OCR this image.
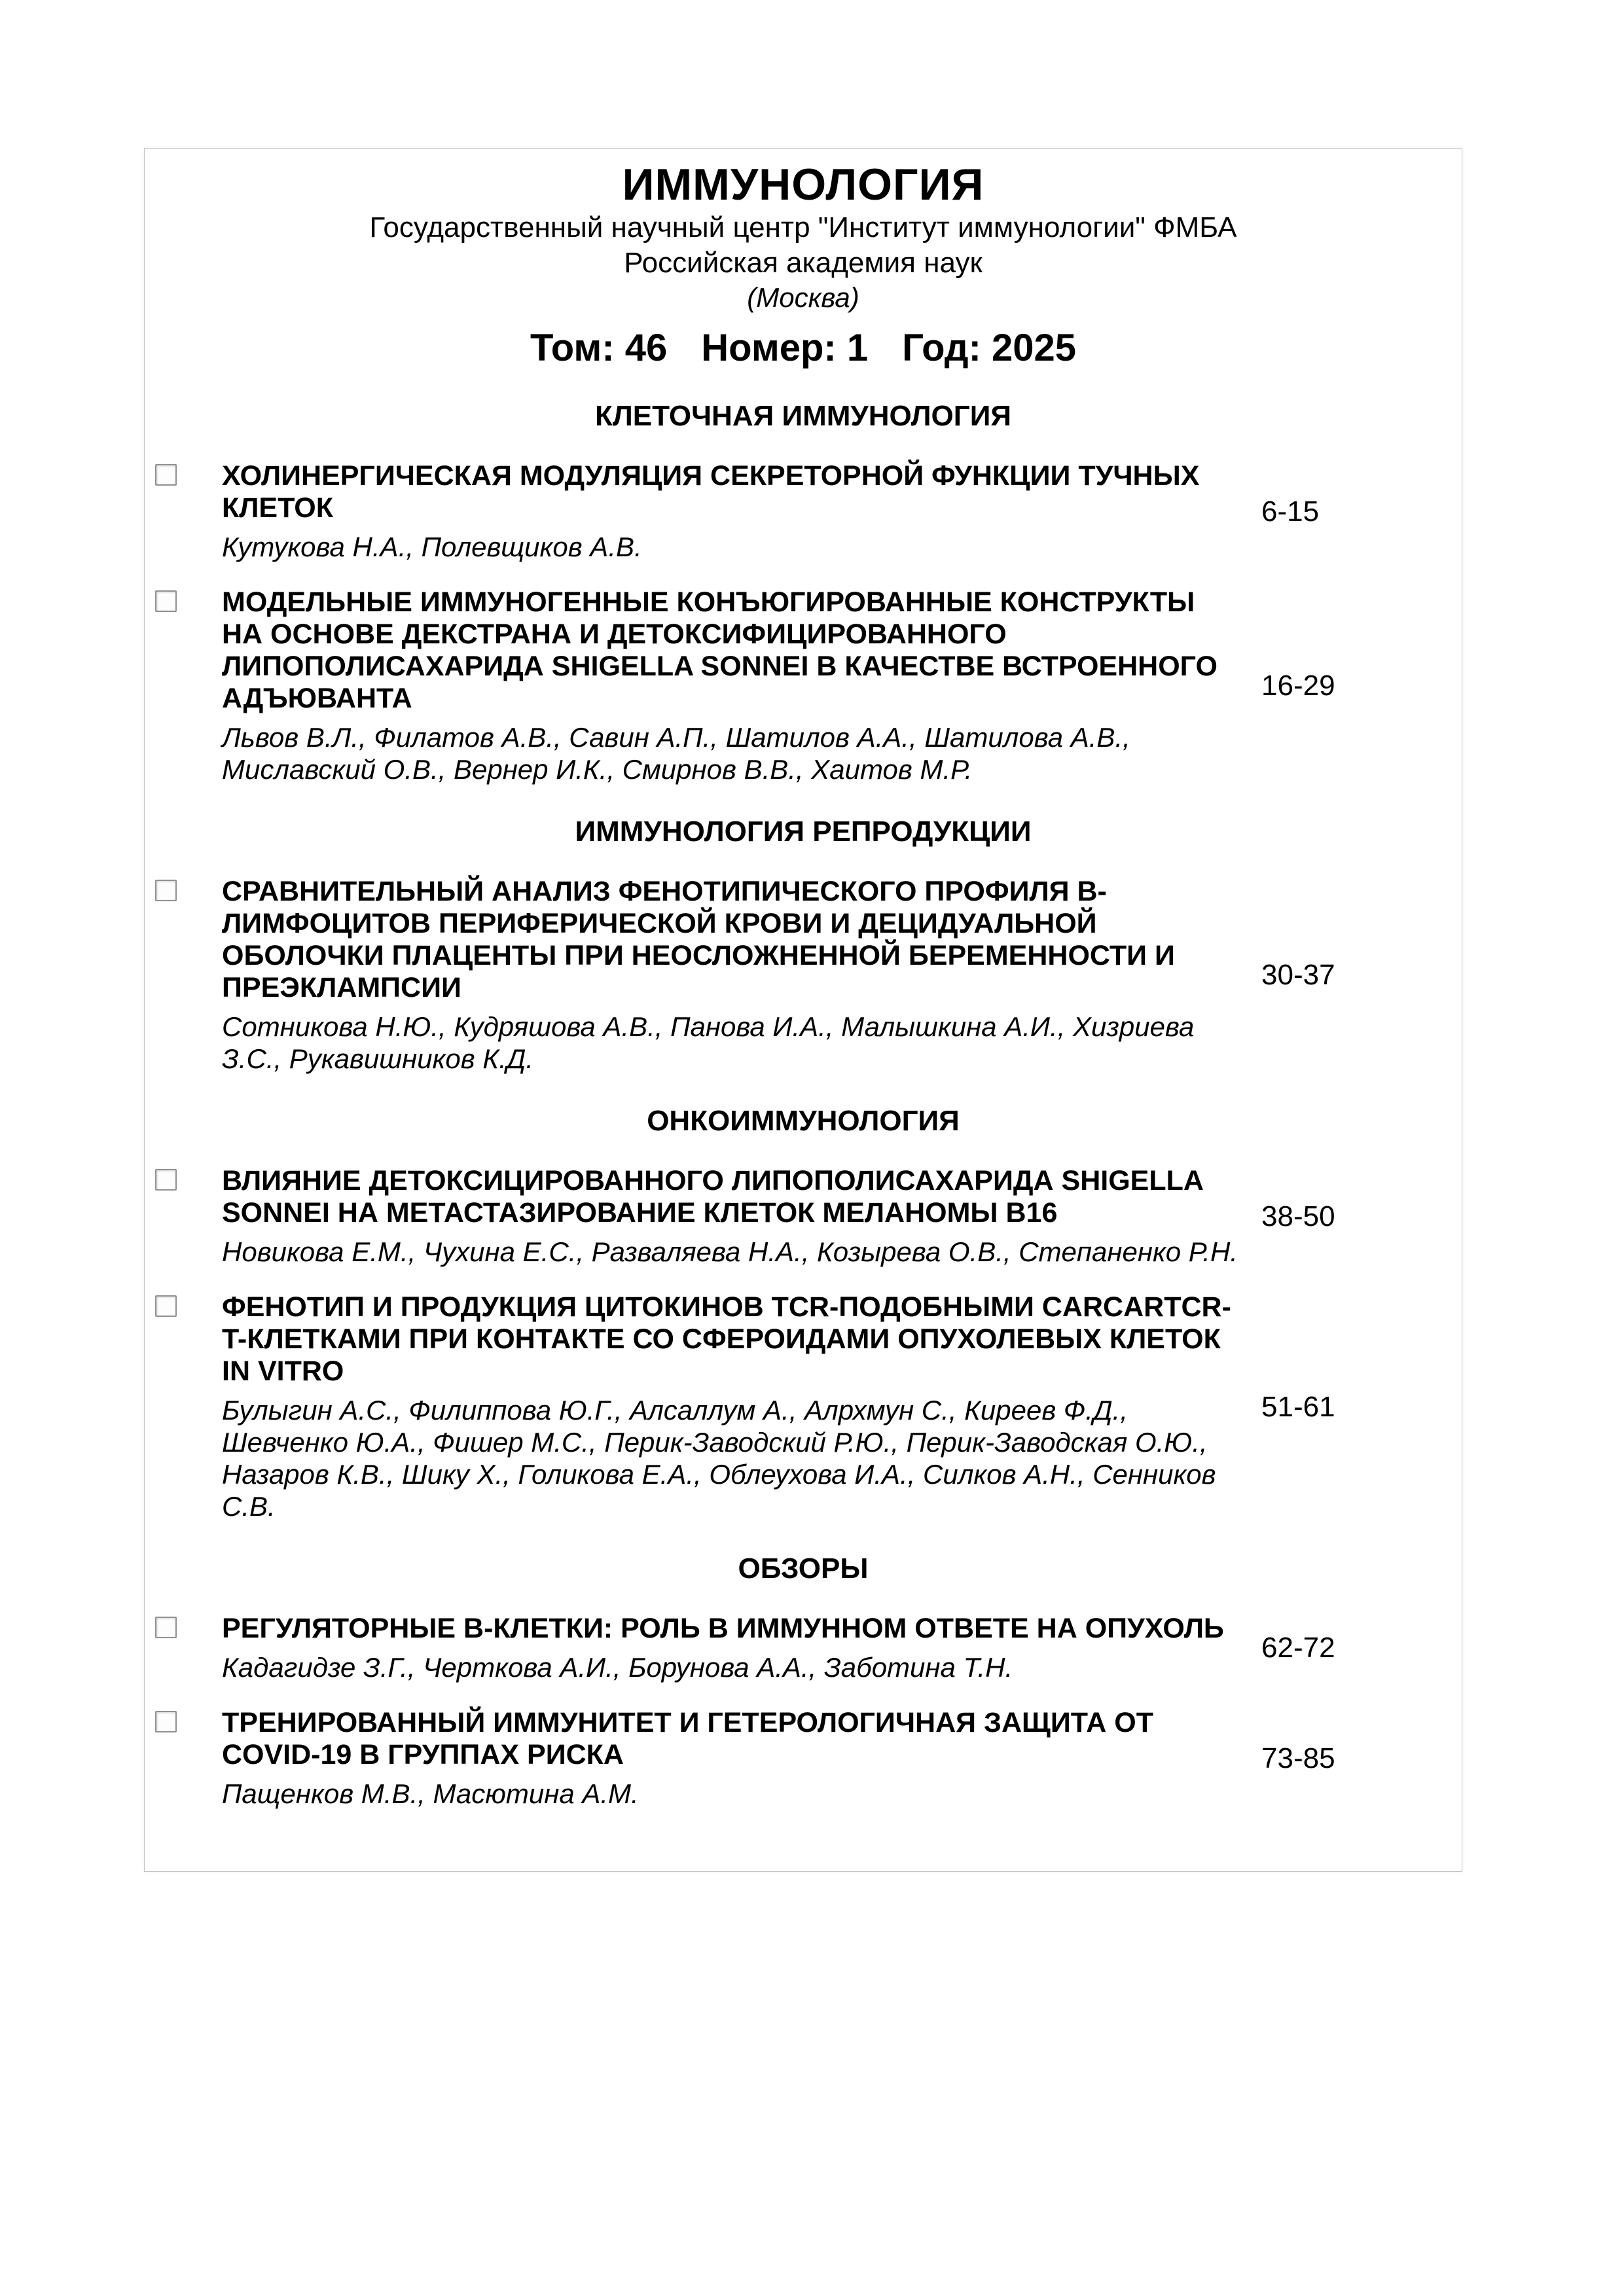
ИММУНОЛОГИЯ
Государственный научный центр "Институт иммунологии" ФМБА
Российская академия наук
(Москва)
Том: 46 Номер: 1 Год: 2025
КЛЕТОЧНАЯ ИММУНОЛОГИЯ
ХОЛИНЕРГИЧЕСКАЯ МОДУЛЯЦИЯ СЕКРЕТОРНОЙ ФУНКЦИИ ТУЧНЫХ КЛЕТОК
Кутукова Н.А., Полевщиков А.В.
6-15
МОДЕЛЬНЫЕ ИММУНОГЕННЫЕ КОНЪЮГИРОВАННЫЕ КОНСТРУКТЫ НА ОСНОВЕ ДЕКСТРАНА И ДЕТОКСИФИЦИРОВАННОГО ЛИПОПОЛИСАХАРИДА SHIGELLA SONNEI В КАЧЕСТВЕ ВСТРОЕННОГО АДЪЮВАНТА
Львов В.Л., Филатов А.В., Савин А.П., Шатилов А.А., Шатилова А.В., Миславский О.В., Вернер И.К., Смирнов В.В., Хаитов М.Р.
16-29
ИММУНОЛОГИЯ РЕПРОДУКЦИИ
СРАВНИТЕЛЬНЫЙ АНАЛИЗ ФЕНОТИПИЧЕСКОГО ПРОФИЛЯ В-ЛИМФОЦИТОВ ПЕРИФЕРИЧЕСКОЙ КРОВИ И ДЕЦИДУАЛЬНОЙ ОБОЛОЧКИ ПЛАЦЕНТЫ ПРИ НЕОСЛОЖНЕННОЙ БЕРЕМЕННОСТИ И ПРЕЭКЛАМПСИИ
Сотникова Н.Ю., Кудряшова А.В., Панова И.А., Малышкина А.И., Хизриева З.С., Рукавишников К.Д.
30-37
ОНКОИММУНОЛОГИЯ
ВЛИЯНИЕ ДЕТОКСИЦИРОВАННОГО ЛИПОПОЛИСАХАРИДА SHIGELLA SONNEI НА МЕТАСТАЗИРОВАНИЕ КЛЕТОК МЕЛАНОМЫ B16
Новикова Е.М., Чухина Е.С., Разваляева Н.А., Козырева О.В., Степаненко Р.Н.
38-50
ФЕНОТИП И ПРОДУКЦИЯ ЦИТОКИНОВ TCR-ПОДОБНЫМИ CARCARTCR-T-КЛЕТКАМИ ПРИ КОНТАКТЕ СО СФЕРОИДАМИ ОПУХОЛЕВЫХ КЛЕТОК IN VITRO
Булыгин А.С., Филиппова Ю.Г., Алсаллум А., Алрхмун С., Киреев Ф.Д., Шевченко Ю.А., Фишер М.С., Перик-Заводский Р.Ю., Перик-Заводская О.Ю., Назаров К.В., Шику Х., Голикова Е.А., Облеухова И.А., Силков А.Н., Сенников С.В.
51-61
ОБЗОРЫ
РЕГУЛЯТОРНЫЕ В-КЛЕТКИ: РОЛЬ В ИММУННОМ ОТВЕТЕ НА ОПУХОЛЬ
Кадагидзе З.Г., Черткова А.И., Борунова А.А., Заботина Т.Н.
62-72
ТРЕНИРОВАННЫЙ ИММУНИТЕТ И ГЕТЕРОЛОГИЧНАЯ ЗАЩИТА ОТ COVID-19 В ГРУППАХ РИСКА
Пащенков М.В., Масютина А.М.
73-85
